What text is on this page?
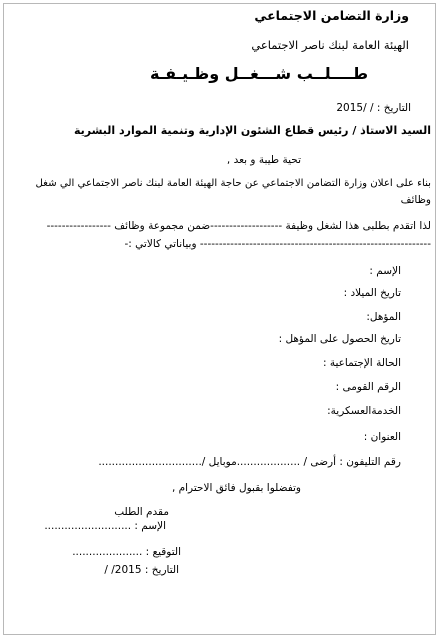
وزارة التضامن الاجتماعي
الهيئة العامة لبنك ناصر الاجتماعي
طــــلــب شـــغــل وظـيـفـة
التاريخ : / /2015
السيد الاستاذ / رئيس قطاع الشئون الإدارية وتنمية الموارد البشرية
تحية طيبة و بعد ,
بناء على اعلان وزارة التضامن الاجتماعي عن حاجة الهيئة العامة لبنك ناصر الاجتماعي الي شغل
وظائف
لذا اتقدم بطلبى هذا لشغل وظيفة -------------------ضمن مجموعة وظائف -----------------
------------------------------------------------------------- وبياناتي كالاتي :-
الإسم :
تاريخ الميلاد :
المؤهل:
تاريخ الحصول على المؤهل :
الحالة الإجتماعية :
الرقم القومى :
الخدمةالعسكرية:
العنوان :
رقم التليفون : أرضى / ...................موبايل /...............................
وتفضلوا بقبول فائق الاحترام ,
مقدم الطلب
الإسم : ..........................
التوقيع : .....................
التاريخ : 2015/ /
